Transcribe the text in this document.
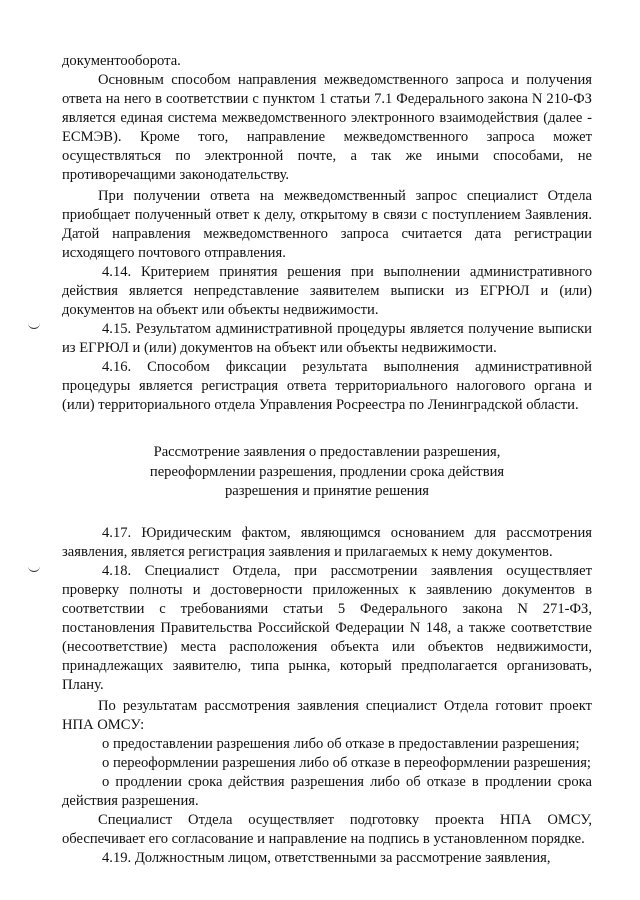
документооборота.

Основным способом направления межведомственного запроса и получения ответа на него в соответствии с пунктом 1 статьи 7.1 Федерального закона N 210-ФЗ является единая система межведомственного электронного взаимодействия (далее - ЕСМЭВ). Кроме того, направление межведомственного запроса может осуществляться по электронной почте, а так же иными способами, не противоречащими законодательству.

При получении ответа на межведомственный запрос специалист Отдела приобщает полученный ответ к делу, открытому в связи с поступлением Заявления. Датой направления межведомственного запроса считается дата регистрации исходящего почтового отправления.

4.14. Критерием принятия решения при выполнении административного действия является непредставление заявителем выписки из ЕГРЮЛ и (или) документов на объект или объекты недвижимости.

4.15. Результатом административной процедуры является получение выписки из ЕГРЮЛ и (или) документов на объект или объекты недвижимости.

4.16. Способом фиксации результата выполнения административной процедуры является регистрация ответа территориального налогового органа и (или) территориального отдела Управления Росреестра по Ленинградской области.

Рассмотрение заявления о предоставлении разрешения,
переоформлении разрешения, продлении срока действия
разрешения и принятие решения

4.17. Юридическим фактом, являющимся основанием для рассмотрения заявления, является регистрация заявления и прилагаемых к нему документов.

4.18. Специалист Отдела, при рассмотрении заявления осуществляет проверку полноты и достоверности приложенных к заявлению документов в соответствии с требованиями статьи 5 Федерального закона N 271-ФЗ, постановления Правительства Российской Федерации N 148, а также соответствие (несоответствие) места расположения объекта или объектов недвижимости, принадлежащих заявителю, типа рынка, который предполагается организовать, Плану.

По результатам рассмотрения заявления специалист Отдела готовит проект НПА ОМСУ:

о предоставлении разрешения либо об отказе в предоставлении разрешения;

о переоформлении разрешения либо об отказе в переоформлении разрешения;

о продлении срока действия разрешения либо об отказе в продлении срока действия разрешения.

Специалист Отдела осуществляет подготовку проекта НПА ОМСУ, обеспечивает его согласование и направление на подпись в установленном порядке.

4.19. Должностным лицом, ответственными за рассмотрение заявления,
